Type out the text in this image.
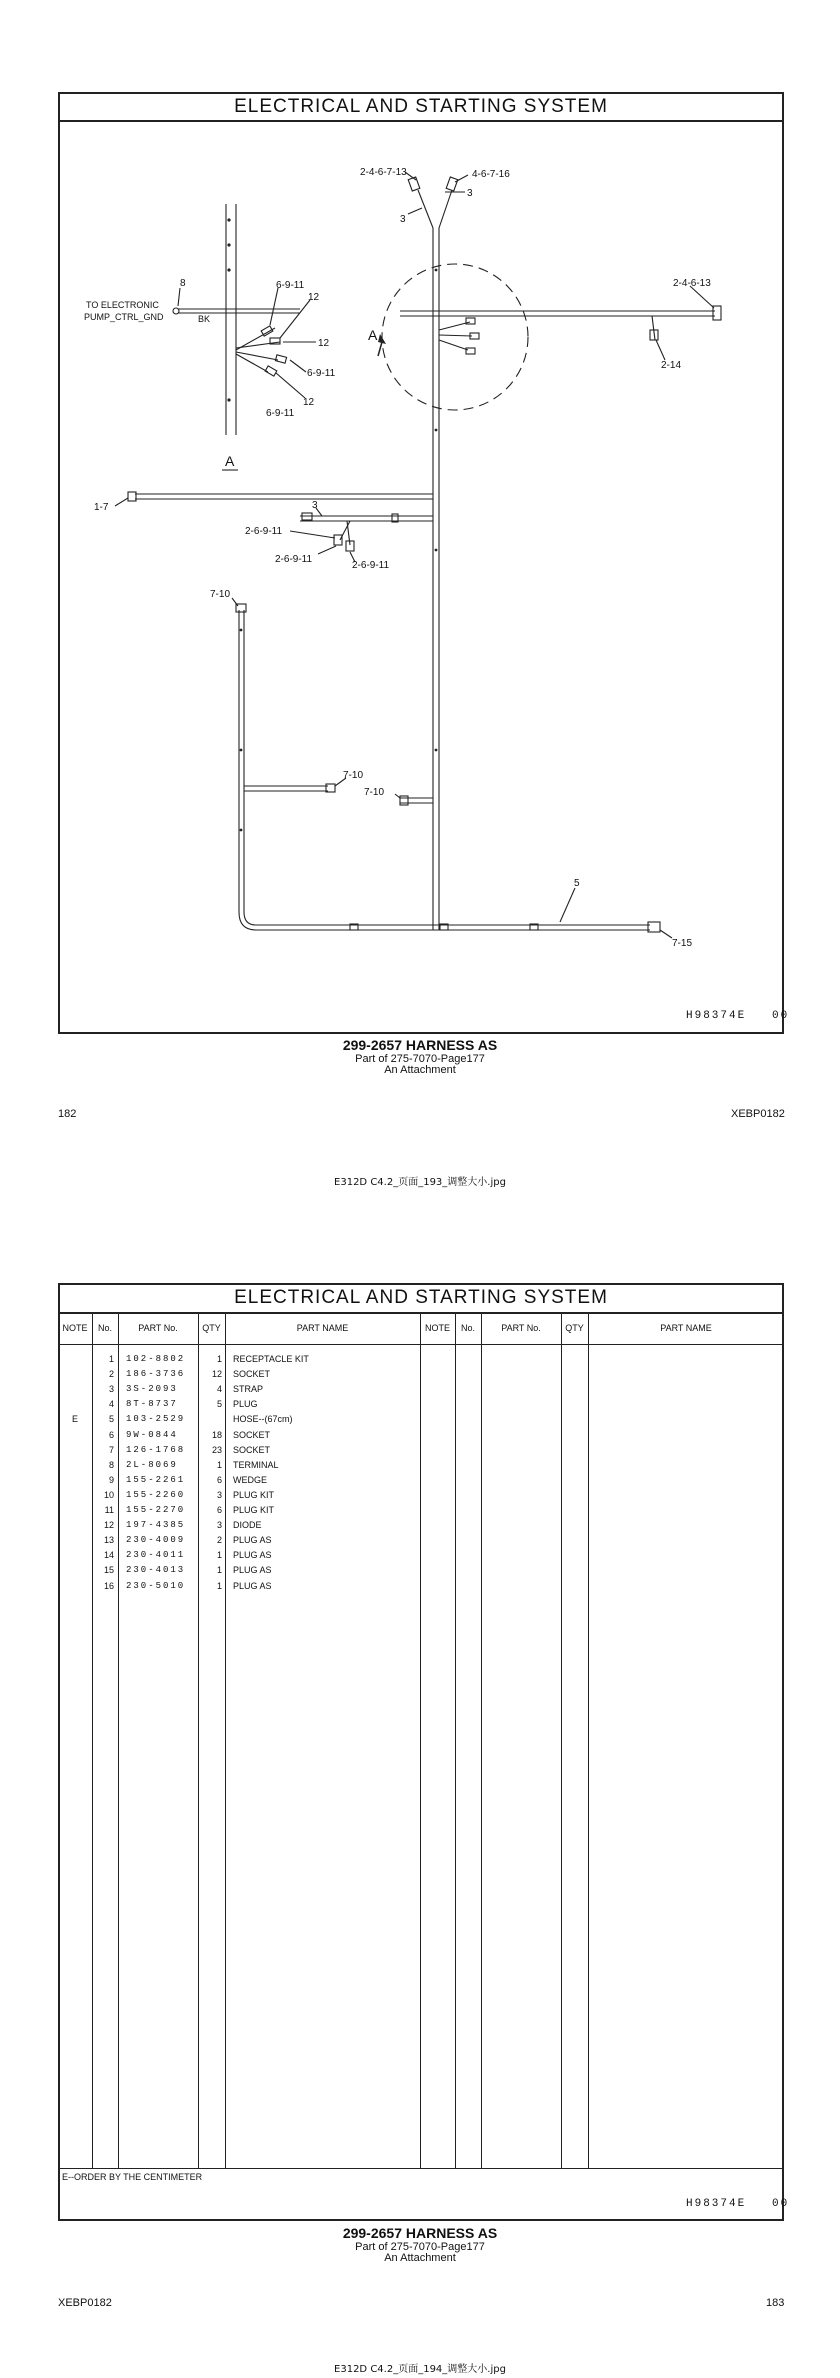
ELECTRICAL AND STARTING SYSTEM
2-4-6-7-13	4-6-7-16
3
3
8
TO ELECTRONIC
PUMP_CTRL_GND	BK
6-9-11
12
12
6-9-11
12
6-9-11
A
A
2-4-6-13
2-14
1-7	3
2-6-9-11
2-6-9-11
2-6-9-11
7-10
7-10
7-10
5
7-15
H98374E   00
299-2657 HARNESS AS
Part of 275-7070-Page177
An Attachment
182	XEBP0182
E312D C4.2_页面_193_调整大小.jpg
ELECTRICAL AND STARTING SYSTEM
NOTE	No.	PART No.	QTY	PART NAME	NOTE	No.	PART No.	QTY	PART NAME
1 102-8802	1 RECEPTACLE KIT
2 186-3736	12 SOCKET
3 3S-2093	4 STRAP
4 8T-8737	5 PLUG
E	5 103-2529	HOSE--(67cm)
6 9W-0844	18 SOCKET
7 126-1768	23 SOCKET
8 2L-8069	1 TERMINAL
9 155-2261	6 WEDGE
10 155-2260	3 PLUG KIT
11 155-2270	6 PLUG KIT
12 197-4385	3 DIODE
13 230-4009	2 PLUG AS
14 230-4011	1 PLUG AS
15 230-4013	1 PLUG AS
16 230-5010	1 PLUG AS
E--ORDER BY THE CENTIMETER
H98374E   00
299-2657 HARNESS AS
Part of 275-7070-Page177
An Attachment
XEBP0182	183
E312D C4.2_页面_194_调整大小.jpg
